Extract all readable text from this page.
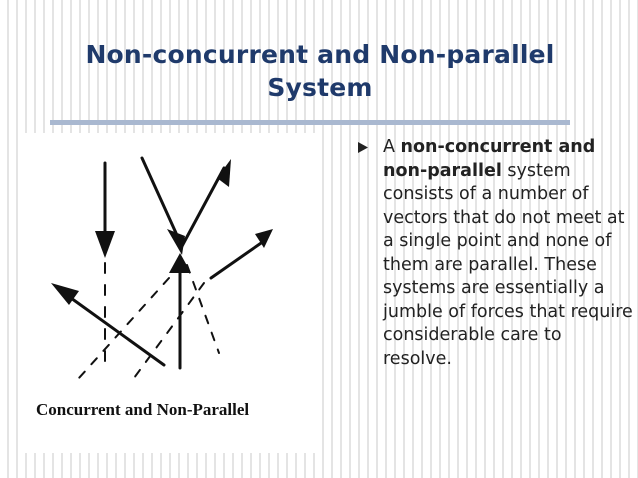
Non-concurrent and Non-parallel
System
Concurrent and Non-Parallel
A non-concurrent and non-parallel system consists of a number of vectors that do not meet at a single point and none of them are parallel. These systems are essentially a jumble of forces that require considerable care to resolve.
